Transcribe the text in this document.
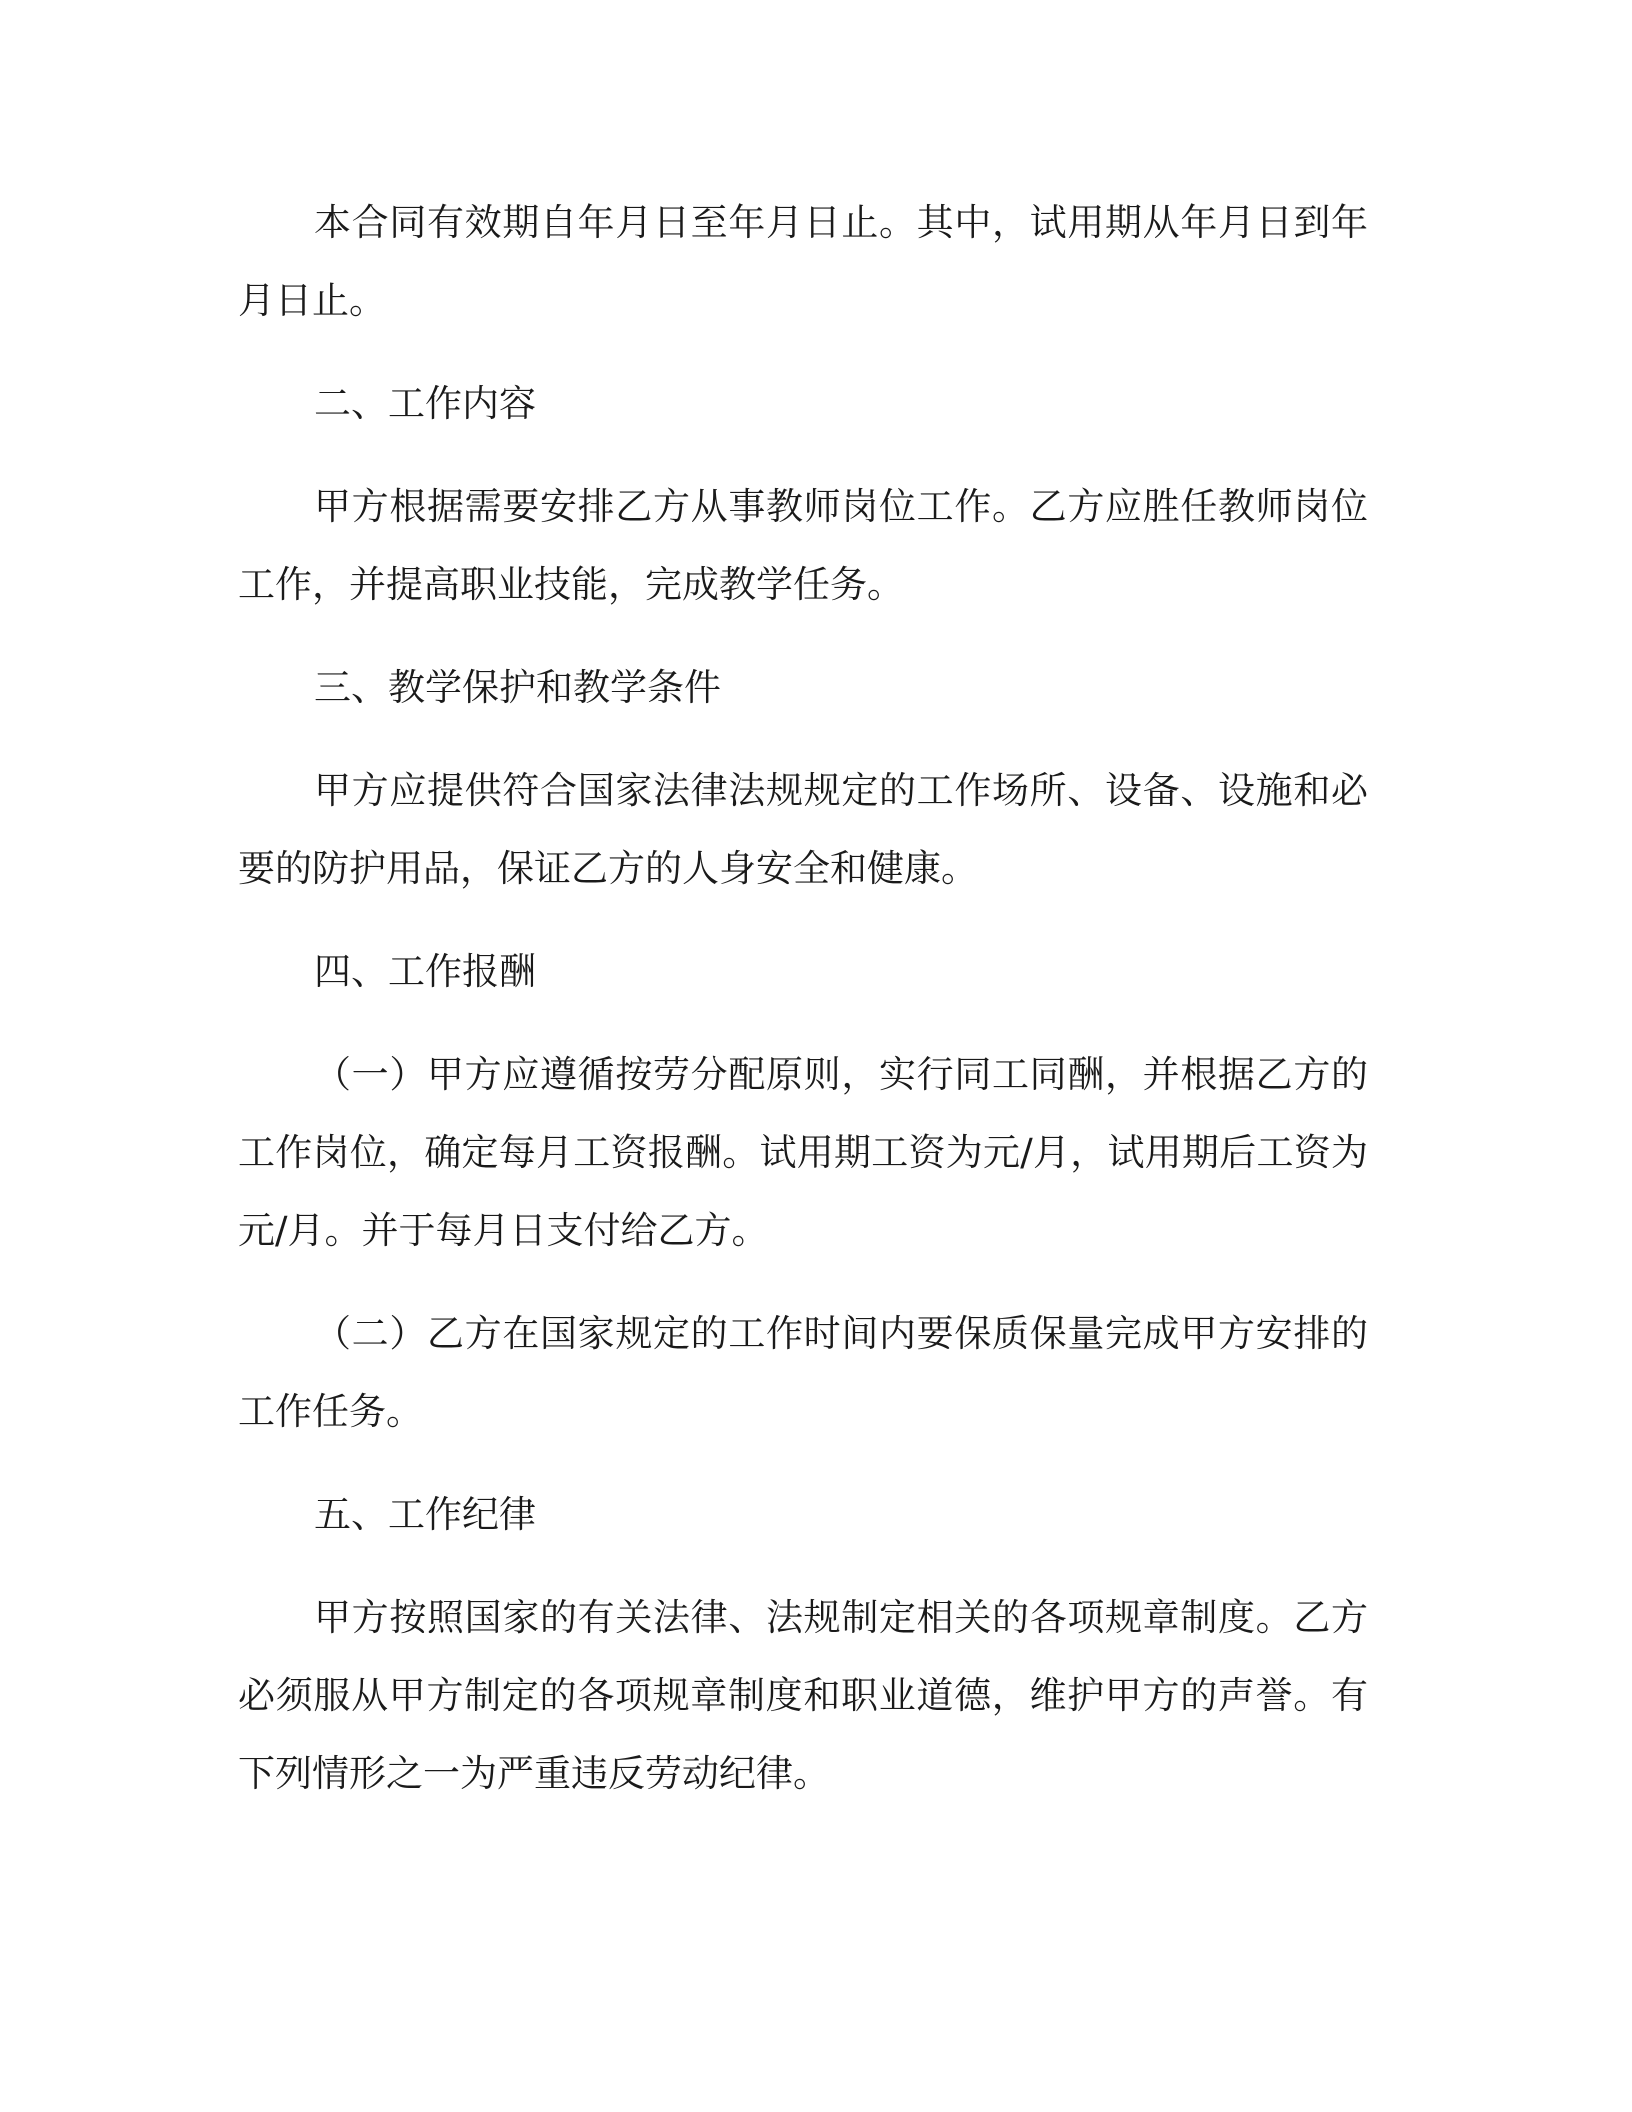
本合同有效期自年月日至年月日止。其中，试用期从年月日到年月日止。

二、工作内容

甲方根据需要安排乙方从事教师岗位工作。乙方应胜任教师岗位工作，并提高职业技能，完成教学任务。

三、教学保护和教学条件

甲方应提供符合国家法律法规规定的工作场所、设备、设施和必要的防护用品，保证乙方的人身安全和健康。

四、工作报酬

（一）甲方应遵循按劳分配原则，实行同工同酬，并根据乙方的工作岗位，确定每月工资报酬。试用期工资为元/月，试用期后工资为元/月。并于每月日支付给乙方。

（二）乙方在国家规定的工作时间内要保质保量完成甲方安排的工作任务。

五、工作纪律

甲方按照国家的有关法律、法规制定相关的各项规章制度。乙方必须服从甲方制定的各项规章制度和职业道德，维护甲方的声誉。有下列情形之一为严重违反劳动纪律。
